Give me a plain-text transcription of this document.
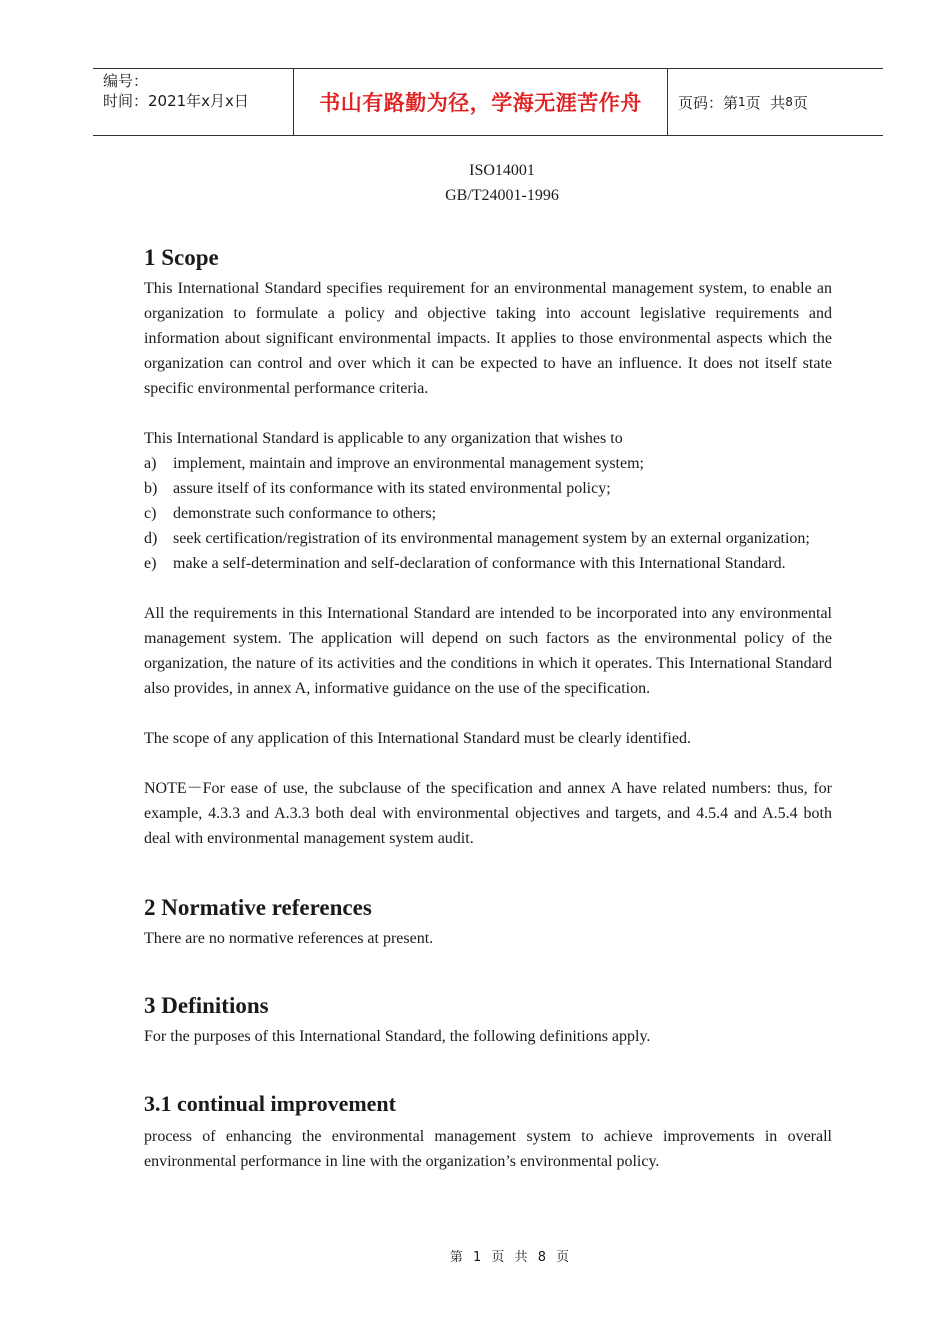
编号：
时间：2021年x月x日	书山有路勤为径，学海无涯苦作舟 页码：第 1 页  共 8 页
ISO14001
GB/T24001-1996
1 Scope

This International Standard specifies requirement for an environmental management system, to enable an organization to formulate a policy and objective taking into account legislative requirements and information about significant environmental impacts. It applies to those environmental aspects which the organization can control and over which it can be expected to have an influence. It does not itself state specific environmental performance criteria.

This International Standard is applicable to any organization that wishes to

a)	implement, maintain and improve an environmental management system;
b) assure itself of its conformance with its stated environmental policy;
c)	demonstrate such conformance to others;
d) seek certification/registration of its environmental management system by an external organization;
e)	make a self-determination and self-declaration of conformance with this International Standard.

All the requirements in this International Standard are intended to be incorporated into any environmental management system. The application will depend on such factors as the environmental policy of the organization, the nature of its activities and the conditions in which it operates. This International Standard also provides, in annex A, informative guidance on the use of the specification.

The scope of any application of this International Standard must be clearly identified.

NOTE－For ease of use, the subclause of the specification and annex A have related numbers: thus, for example, 4.3.3 and A.3.3 both deal with environmental objectives and targets, and 4.5.4 and A.5.4 both deal with environmental management system audit.

2 Normative references

There are no normative references at present.

3 Definitions

For the purposes of this International Standard, the following definitions apply.

3.1 continual improvement

process of enhancing the environmental management system to achieve improvements in overall environmental performance in line with the organization’s environmental policy.

第 1 页 共 8 页
